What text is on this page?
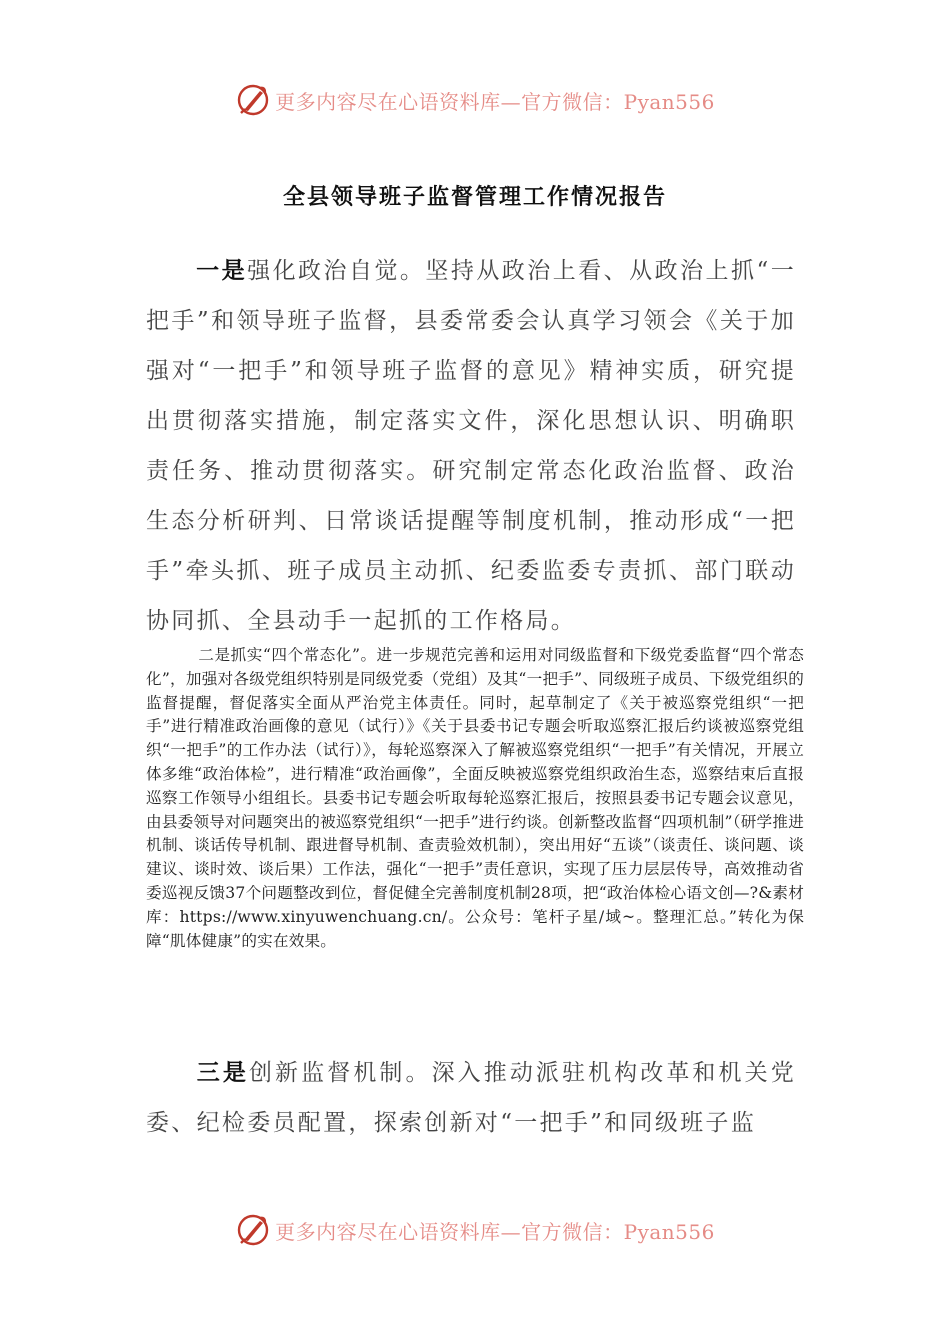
更多内容尽在心语资料库—官方微信：Pyan556
全县领导班子监督管理工作情况报告

一是强化政治自觉。坚持从政治上看、从政治上抓“一把手”和领导班子监督，县委常委会认真学习领会《关于加强对“一把手”和领导班子监督的意见》精神实质，研究提出贯彻落实措施，制定落实文件，深化思想认识、明确职责任务、推动贯彻落实。研究制定常态化政治监督、政治生态分析研判、日常谈话提醒等制度机制，推动形成“一把手”牵头抓、班子成员主动抓、纪委监委专责抓、部门联动协同抓、全县动手一起抓的工作格局。

二是抓实“四个常态化”。进一步规范完善和运用对同级监督和下级党委监督“四个常态化”，加强对各级党组织特别是同级党委（党组）及其“一把手”、同级班子成员、下级党组织的监督提醒，督促落实全面从严治党主体责任。同时，起草制定了《关于被巡察党组织“一把手”进行精准政治画像的意见（试行）》《关于县委书记专题会听取巡察汇报后约谈被巡察党组织“一把手”的工作办法（试行）》，每轮巡察深入了解被巡察党组织“一把手”有关情况，开展立体多维“政治体检”，进行精准“政治画像”，全面反映被巡察党组织政治生态，巡察结束后直报巡察工作领导小组组长。县委书记专题会听取每轮巡察汇报后，按照县委书记专题会议意见，由县委领导对问题突出的被巡察党组织“一把手”进行约谈。创新整改监督“四项机制”（研学推进机制、谈话传导机制、跟进督导机制、查责验效机制），突出用好“五谈”（谈责任、谈问题、谈建议、谈时效、谈后果）工作法，强化“一把手”责任意识，实现了压力层层传导，高效推动省委巡视反馈37个问题整改到位，督促健全完善制度机制28项，把“政治体检心语文创—?&素材库：https://www.xinyuwenchuang.cn/。公众号：笔杆子星/域~。整理汇总。”转化为保障“肌体健康”的实在效果。

三是创新监督机制。深入推动派驻机构改革和机关党委、纪检委员配置，探索创新对“一把手”和同级班子监

更多内容尽在心语资料库—官方微信：Pyan556
